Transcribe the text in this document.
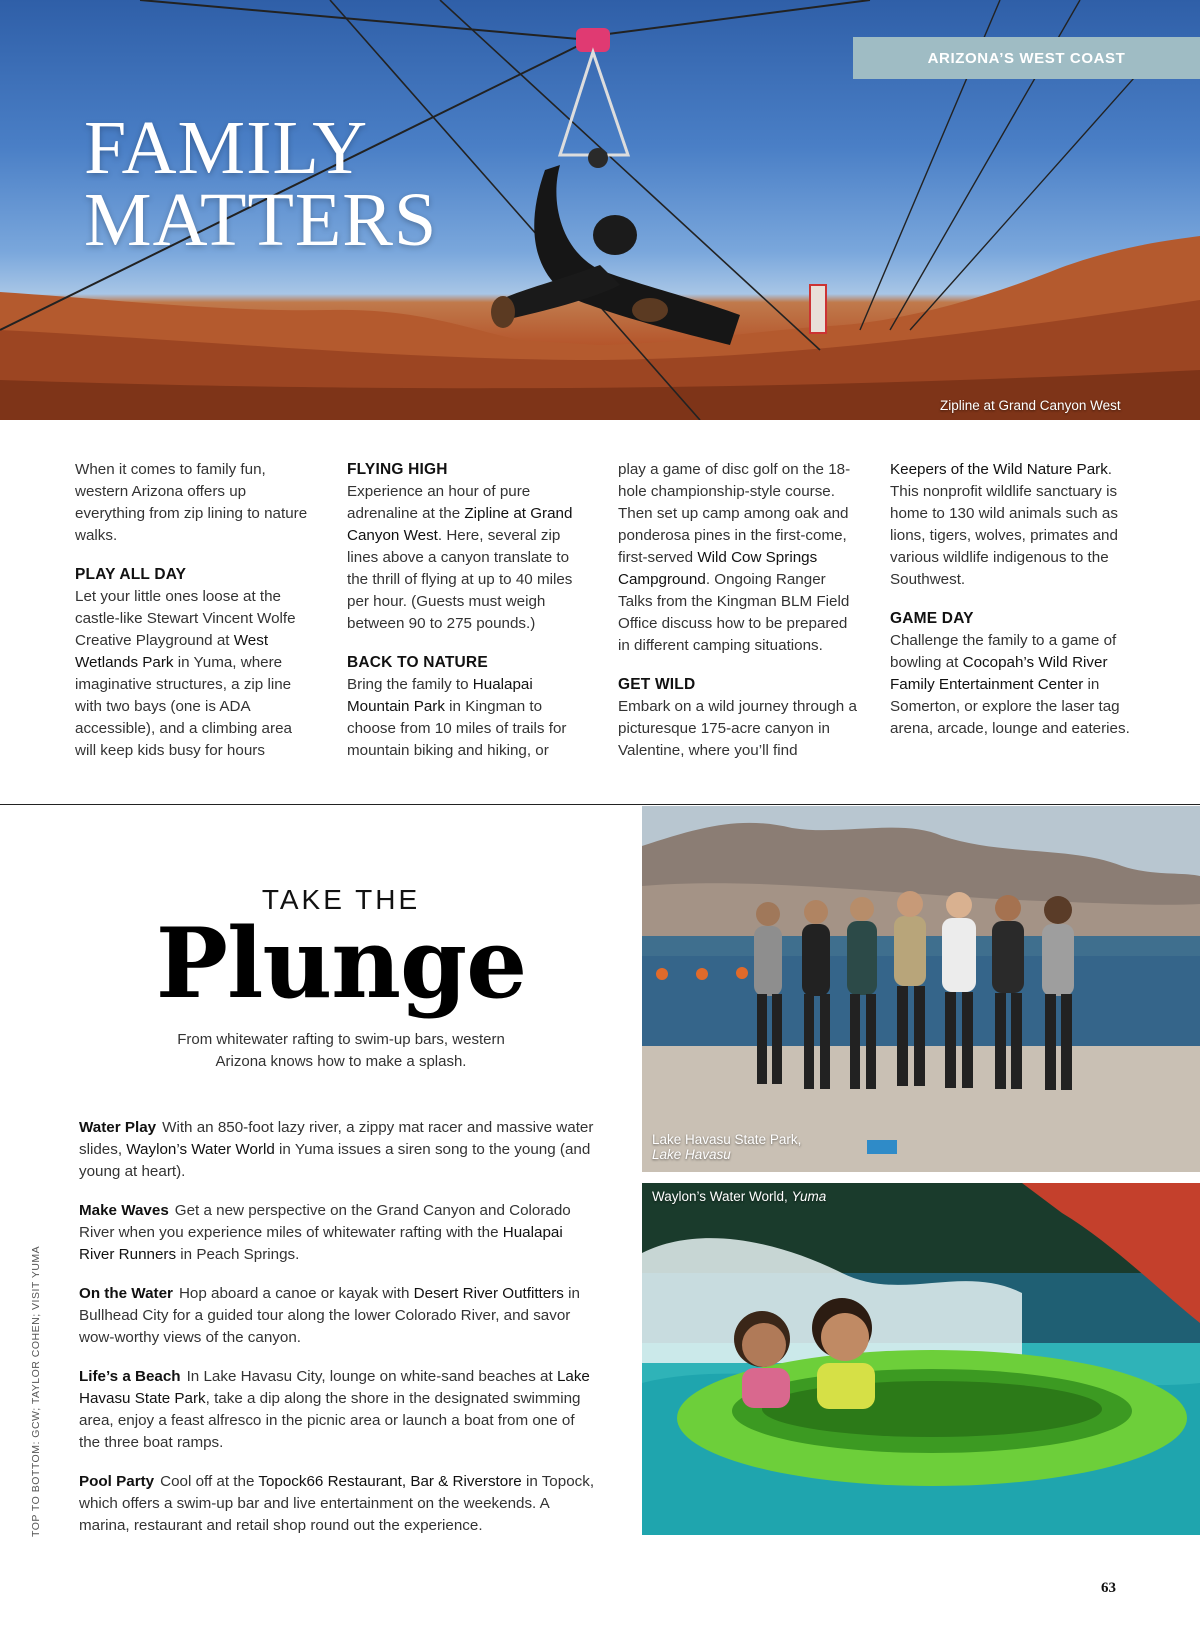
ARIZONA’S WEST COAST
FAMILY
MATTERS
Zipline at Grand Canyon West

When it comes to family fun, western Arizona offers up everything from zip lining to nature walks.

PLAY ALL DAY

Let your little ones loose at the castle-like Stewart Vincent Wolfe Creative Playground at West Wetlands Park in Yuma, where imaginative structures, a zip line with two bays (one is ADA accessible), and a climbing area will keep kids busy for hours

FLYING HIGH

Experience an hour of pure adrenaline at the Zipline at Grand Canyon West. Here, several zip lines above a canyon translate to the thrill of flying at up to 40 miles per hour. (Guests must weigh between 90 to 275 pounds.)

BACK TO NATURE

Bring the family to Hualapai Mountain Park in Kingman to choose from 10 miles of trails for mountain biking and hiking, or

play a game of disc golf on the 18-hole championship-style course. Then set up camp among oak and ponderosa pines in the first-come, first-served Wild Cow Springs Campground. Ongoing Ranger Talks from the Kingman BLM Field Office discuss how to be prepared in different camping situations.

GET WILD

Embark on a wild journey through a picturesque 175-acre canyon in Valentine, where you’ll find

Keepers of the Wild Nature Park. This nonprofit wildlife sanctuary is home to 130 wild animals such as lions, tigers, wolves, primates and various wildlife indigenous to the Southwest.

GAME DAY

Challenge the family to a game of bowling at Cocopah’s Wild River Family Entertainment Center in Somerton, or explore the laser tag arena, arcade, lounge and eateries.

TAKE THE
Plunge
From whitewater rafting to swim-up bars, western Arizona knows how to make a splash.

Water Play With an 850-foot lazy river, a zippy mat racer and massive water slides, Waylon’s Water World in Yuma issues a siren song to the young (and young at heart).

Make Waves Get a new perspective on the Grand Canyon and Colorado River when you experience miles of whitewater rafting with the Hualapai River Runners in Peach Springs.

On the Water Hop aboard a canoe or kayak with Desert River Outfitters in Bullhead City for a guided tour along the lower Colorado River, and savor wow-worthy views of the canyon.

Life’s a Beach In Lake Havasu City, lounge on white-sand beaches at Lake Havasu State Park, take a dip along the shore in the designated swimming area, enjoy a feast alfresco in the picnic area or launch a boat from one of the three boat ramps.

Pool Party Cool off at the Topock66 Restaurant, Bar & Riverstore in Topock, which offers a swim-up bar and live entertainment on the weekends. A marina, restaurant and retail shop round out the experience.

TOP TO BOTTOM: GCW; TAYLOR COHEN; VISIT YUMA
Lake Havasu State Park,
Lake Havasu
Waylon’s Water World, Yuma
63
